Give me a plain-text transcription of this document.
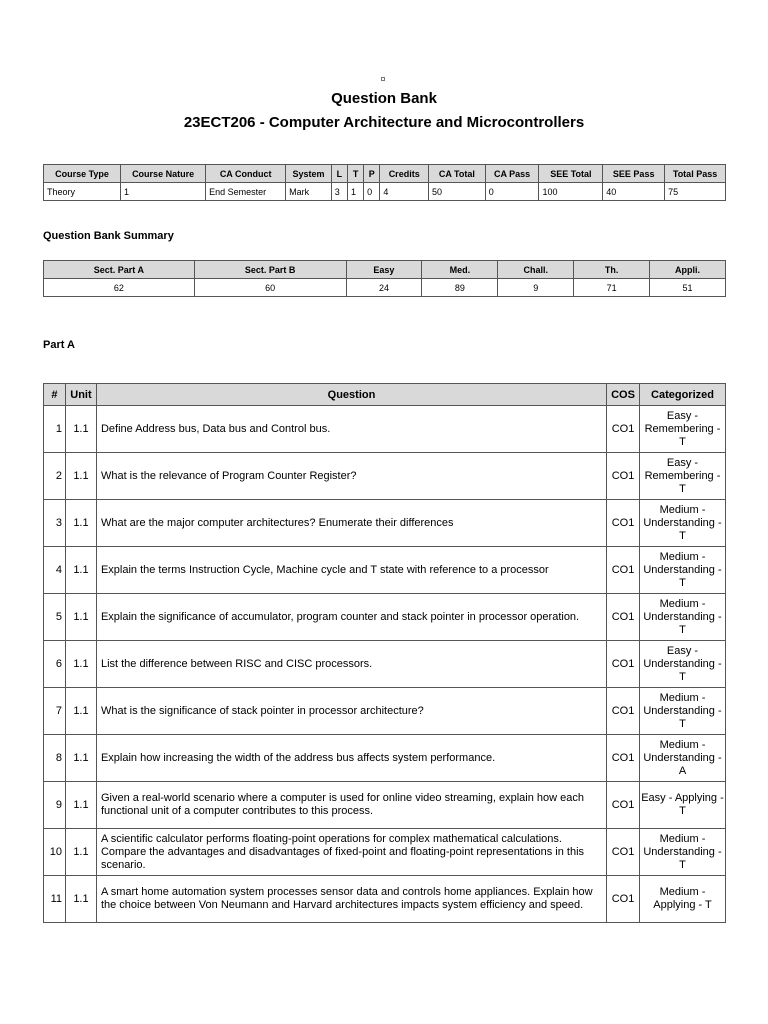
Question Bank
23ECT206 - Computer Architecture and Microcontrollers
Course Type	Course Nature	CA Conduct	System	L	T	P	Credits	CA Total	CA Pass	SEE Total	SEE Pass	Total Pass
Theory	1	End Semester	Mark	3	1	0	4	50	0	100	40	75
Question Bank Summary
Sect. Part A	Sect. Part B	Easy	Med.	Chall.	Th.	Appli.
62	60	24	89	9	71	51
Part A
#	Unit	Question	COS	Categorized
1	1.1	Define Address bus, Data bus and Control bus.	CO1	Easy - Remembering - T
2	1.1	What is the relevance of Program Counter Register?	CO1	Easy - Remembering - T
3	1.1	What are the major computer architectures? Enumerate their differences	CO1	Medium - Understanding - T
4	1.1	Explain the terms Instruction Cycle, Machine cycle and T state with reference to a processor	CO1	Medium - Understanding - T
5	1.1	Explain the significance of accumulator, program counter and stack pointer in processor operation.	CO1	Medium - Understanding - T
6	1.1	List the difference between RISC and CISC processors.	CO1	Easy - Understanding - T
7	1.1	What is the significance of stack pointer in processor architecture?	CO1	Medium - Understanding - T
8	1.1	Explain how increasing the width of the address bus affects system performance.	CO1	Medium - Understanding - A
9	1.1	Given a real-world scenario where a computer is used for online video streaming, explain how each functional unit of a computer contributes to this process.	CO1	Easy - Applying - T
10	1.1	A scientific calculator performs floating-point operations for complex mathematical calculations. Compare the advantages and disadvantages of fixed-point and floating-point representations in this scenario.	CO1	Medium - Understanding - T
11	1.1	A smart home automation system processes sensor data and controls home appliances. Explain how the choice between Von Neumann and Harvard architectures impacts system efficiency and speed.	CO1	Medium - Applying - T
